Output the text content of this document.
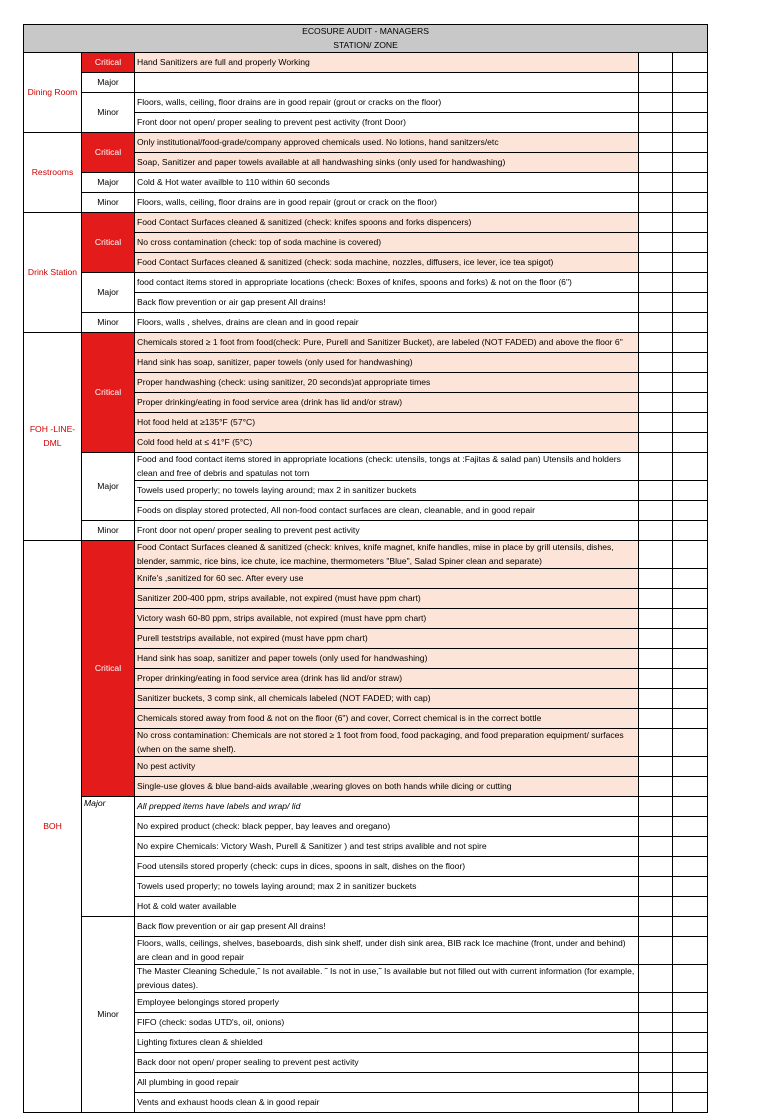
ECOSURE AUDIT - MANAGERS
STATION/ ZONE				

Dining Room	Critical	Hand Sanitizers are full and properly Working		
	Major			
	Minor	Floors, walls, ceiling, floor drains are in good repair (grout or cracks on the floor)		
		Front door not open/ proper sealing to prevent pest activity (front Door)		
Restrooms	Critical	Only institutional/food-grade/company approved chemicals used. No lotions, hand sanitzers/etc		
		Soap, Sanitizer and paper towels available at all handwashing sinks (only used for handwashing)		
	Major	Cold & Hot water availble to 110 within 60 seconds		
	Minor	Floors, walls, ceiling, floor drains are in good repair (grout or crack on the floor)		
Drink Station	Critical	Food Contact Surfaces cleaned & sanitized (check: knifes spoons and forks dispencers)		
		No cross contamination (check: top of soda machine is covered)		
		Food Contact Surfaces cleaned & sanitized (check: soda machine, nozzles, diffusers, ice lever, ice tea spigot)		
	Major	food contact items stored in appropriate locations (check: Boxes of knifes, spoons and forks) & not on the floor (6")		
		Back flow prevention or air gap present All drains!		
	Minor	Floors, walls , shelves, drains are clean and in good repair		
FOH -LINE-
DML	Critical	Chemicals stored ≥ 1 foot from food(check: Pure, Purell and Sanitizer Bucket), are labeled (NOT FADED) and above the floor 6"		
		Hand sink has soap, sanitizer, paper towels (only used for handwashing)		
		Proper handwashing (check: using sanitizer, 20 seconds)at appropriate times		
		Proper drinking/eating in food service area (drink has lid and/or straw)		
		Hot food held at ≥135°F (57°C)		
		Cold food held at ≤ 41°F (5°C)		
	Major	Food and food contact items stored in appropriate locations (check: utensils, tongs at :Fajitas & salad pan) Utensils and holders clean and free of debris and spatulas not torn		
		Towels used properly; no towels laying around; max 2 in sanitizer buckets		
		Foods on display stored protected, All non-food contact surfaces are clean, cleanable, and in good repair		
	Minor	Front door not open/ proper sealing to prevent pest activity		
BOH	Critical	Food Contact Surfaces cleaned & sanitized (check: knives, knife magnet, knife handles, mise in place by grill utensils, dishes, blender, sammic, rice bins, ice chute, ice machine, thermometers "Blue", Salad Spiner clean and separate)		
		Knife's ,sanitized for 60 sec. After every use		
		Sanitizer 200-400 ppm, strips available, not expired (must have ppm chart)		
		Victory wash 60-80 ppm, strips available, not expired (must have ppm chart)		
		Purell teststrips available, not expired (must have ppm chart)		
		Hand sink has soap, sanitizer and paper towels (only used for handwashing)		
		Proper drinking/eating in food service area (drink has lid and/or straw)		
		Sanitizer buckets, 3 comp sink, all chemicals labeled (NOT FADED; with cap)		
		Chemicals stored away from food & not on the floor (6") and cover, Correct chemical is in the correct bottle		
		No cross contamination: Chemicals are not stored ≥ 1 foot from food, food packaging, and food preparation equipment/ surfaces (when on the same shelf).		
		No pest activity		
		Single-use gloves & blue band-aids available ,wearing gloves on both hands while dicing or cutting		
	Major	All prepped items have labels and wrap/ lid		
		No expired product (check: black pepper, bay leaves and oregano)		
		No expire Chemicals: Victory Wash, Purell & Sanitizer ) and test strips avalible and not spire		
		Food utensils stored properly (check: cups in dices, spoons in salt, dishes on the floor)		
		Towels used properly; no towels laying around; max 2 in sanitizer buckets		
		Hot & cold water available		
	Minor	Back flow prevention or air gap present All drains!		
		Floors, walls, ceilings, shelves, baseboards, dish sink shelf, under dish sink area, BIB rack Ice machine (front, under and behind) are clean and in good repair		
		The Master Cleaning Schedule,˜ Is not available. ˜ Is not in use,˜ Is available but not filled out with current information (for example, previous dates).		
		Employee belongings stored properly		
		FIFO (check: sodas UTD's, oil, onions)		
		Lighting fixtures clean & shielded		
		Back door not open/ proper sealing to prevent pest activity		
		All plumbing in good repair		
		Vents and exhaust hoods clean & in good repair		
